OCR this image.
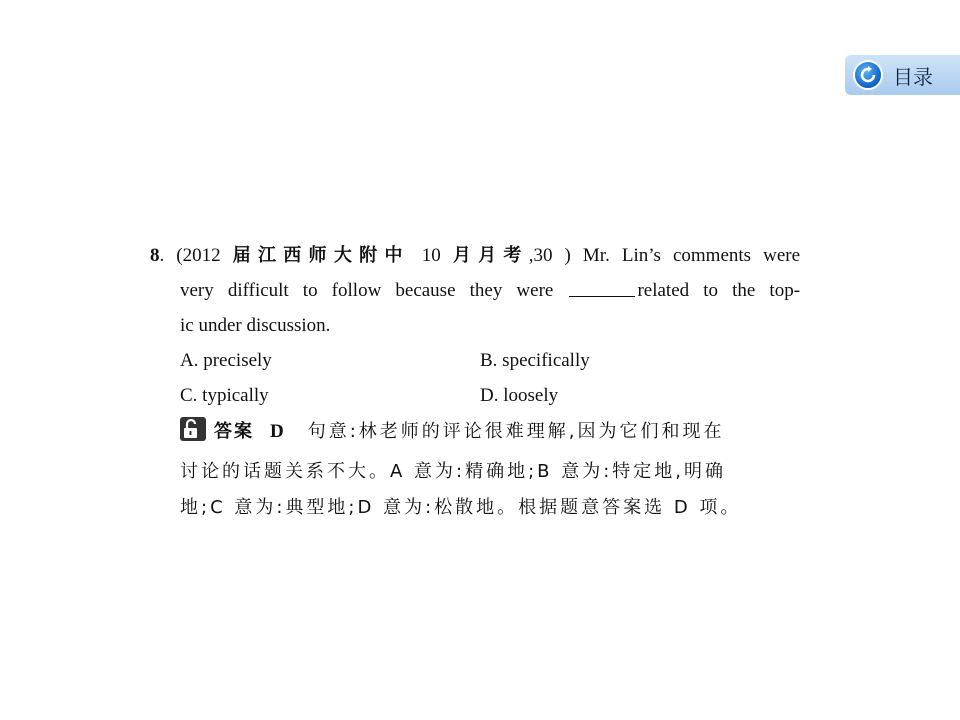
目录
8. (2012 届江西师大附中 10 月月考,30 ) Mr. Lin’s comments were
very difficult to follow because they were	related to the top-
ic under discussion.
A. precisely	B. specifically
C. typically	D. loosely
答案 D 句意:林老师的评论很难理解,因为它们和现在
讨论的话题关系不大。A 意为:精确地;B 意为:特定地,明确
地;C 意为:典型地;D 意为:松散地。根据题意答案选 D 项。
